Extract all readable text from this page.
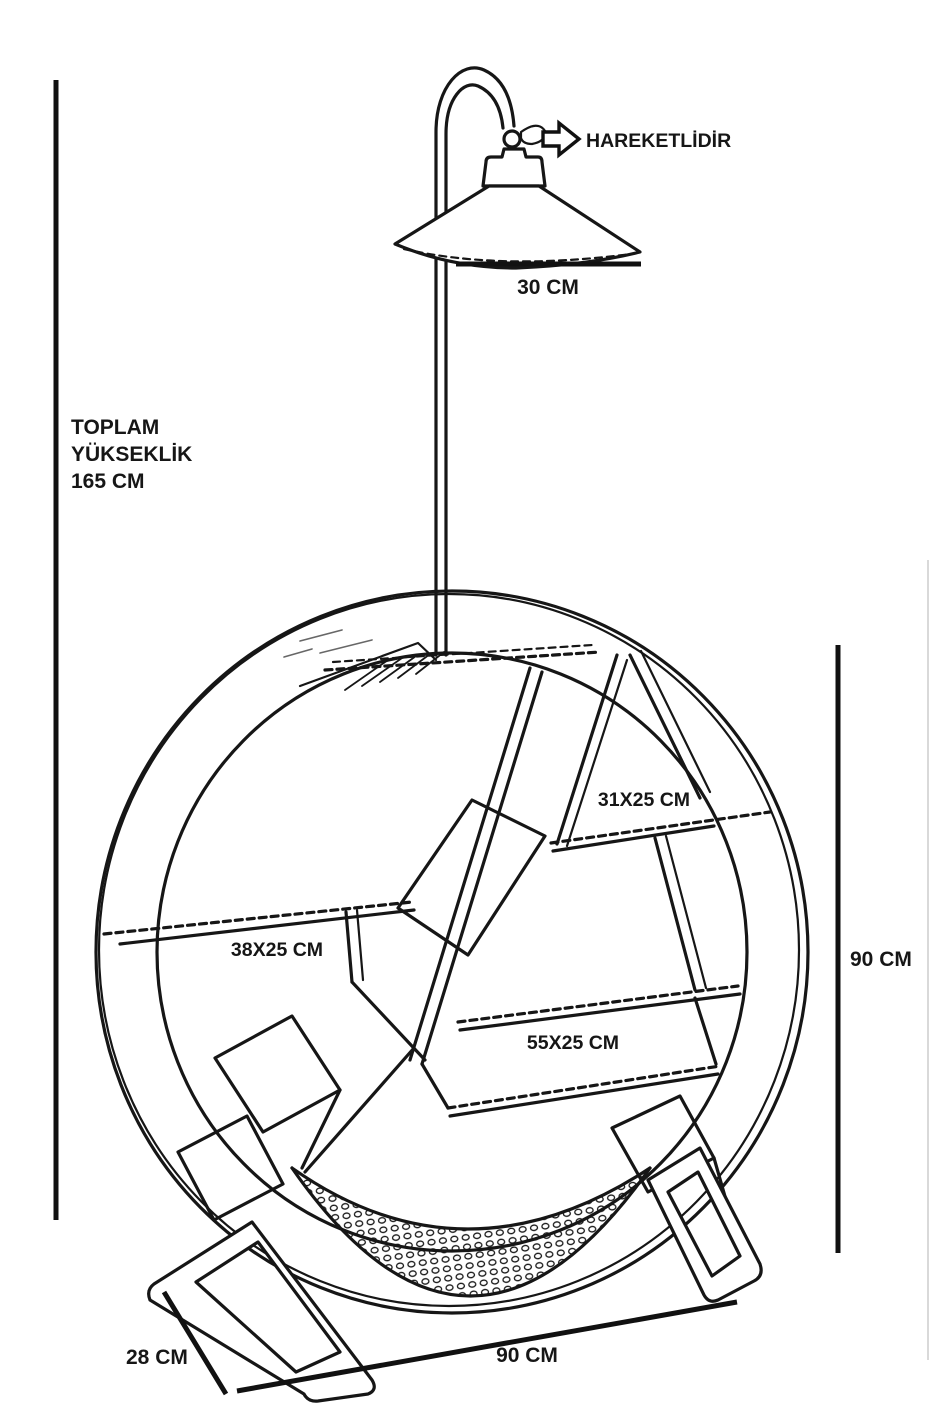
TOPLAM
YÜKSEKLİK
165 CM
HAREKETLİDİR
30 CM
31X25 CM
38X25 CM
55X25 CM
90 CM
90 CM
28 CM
